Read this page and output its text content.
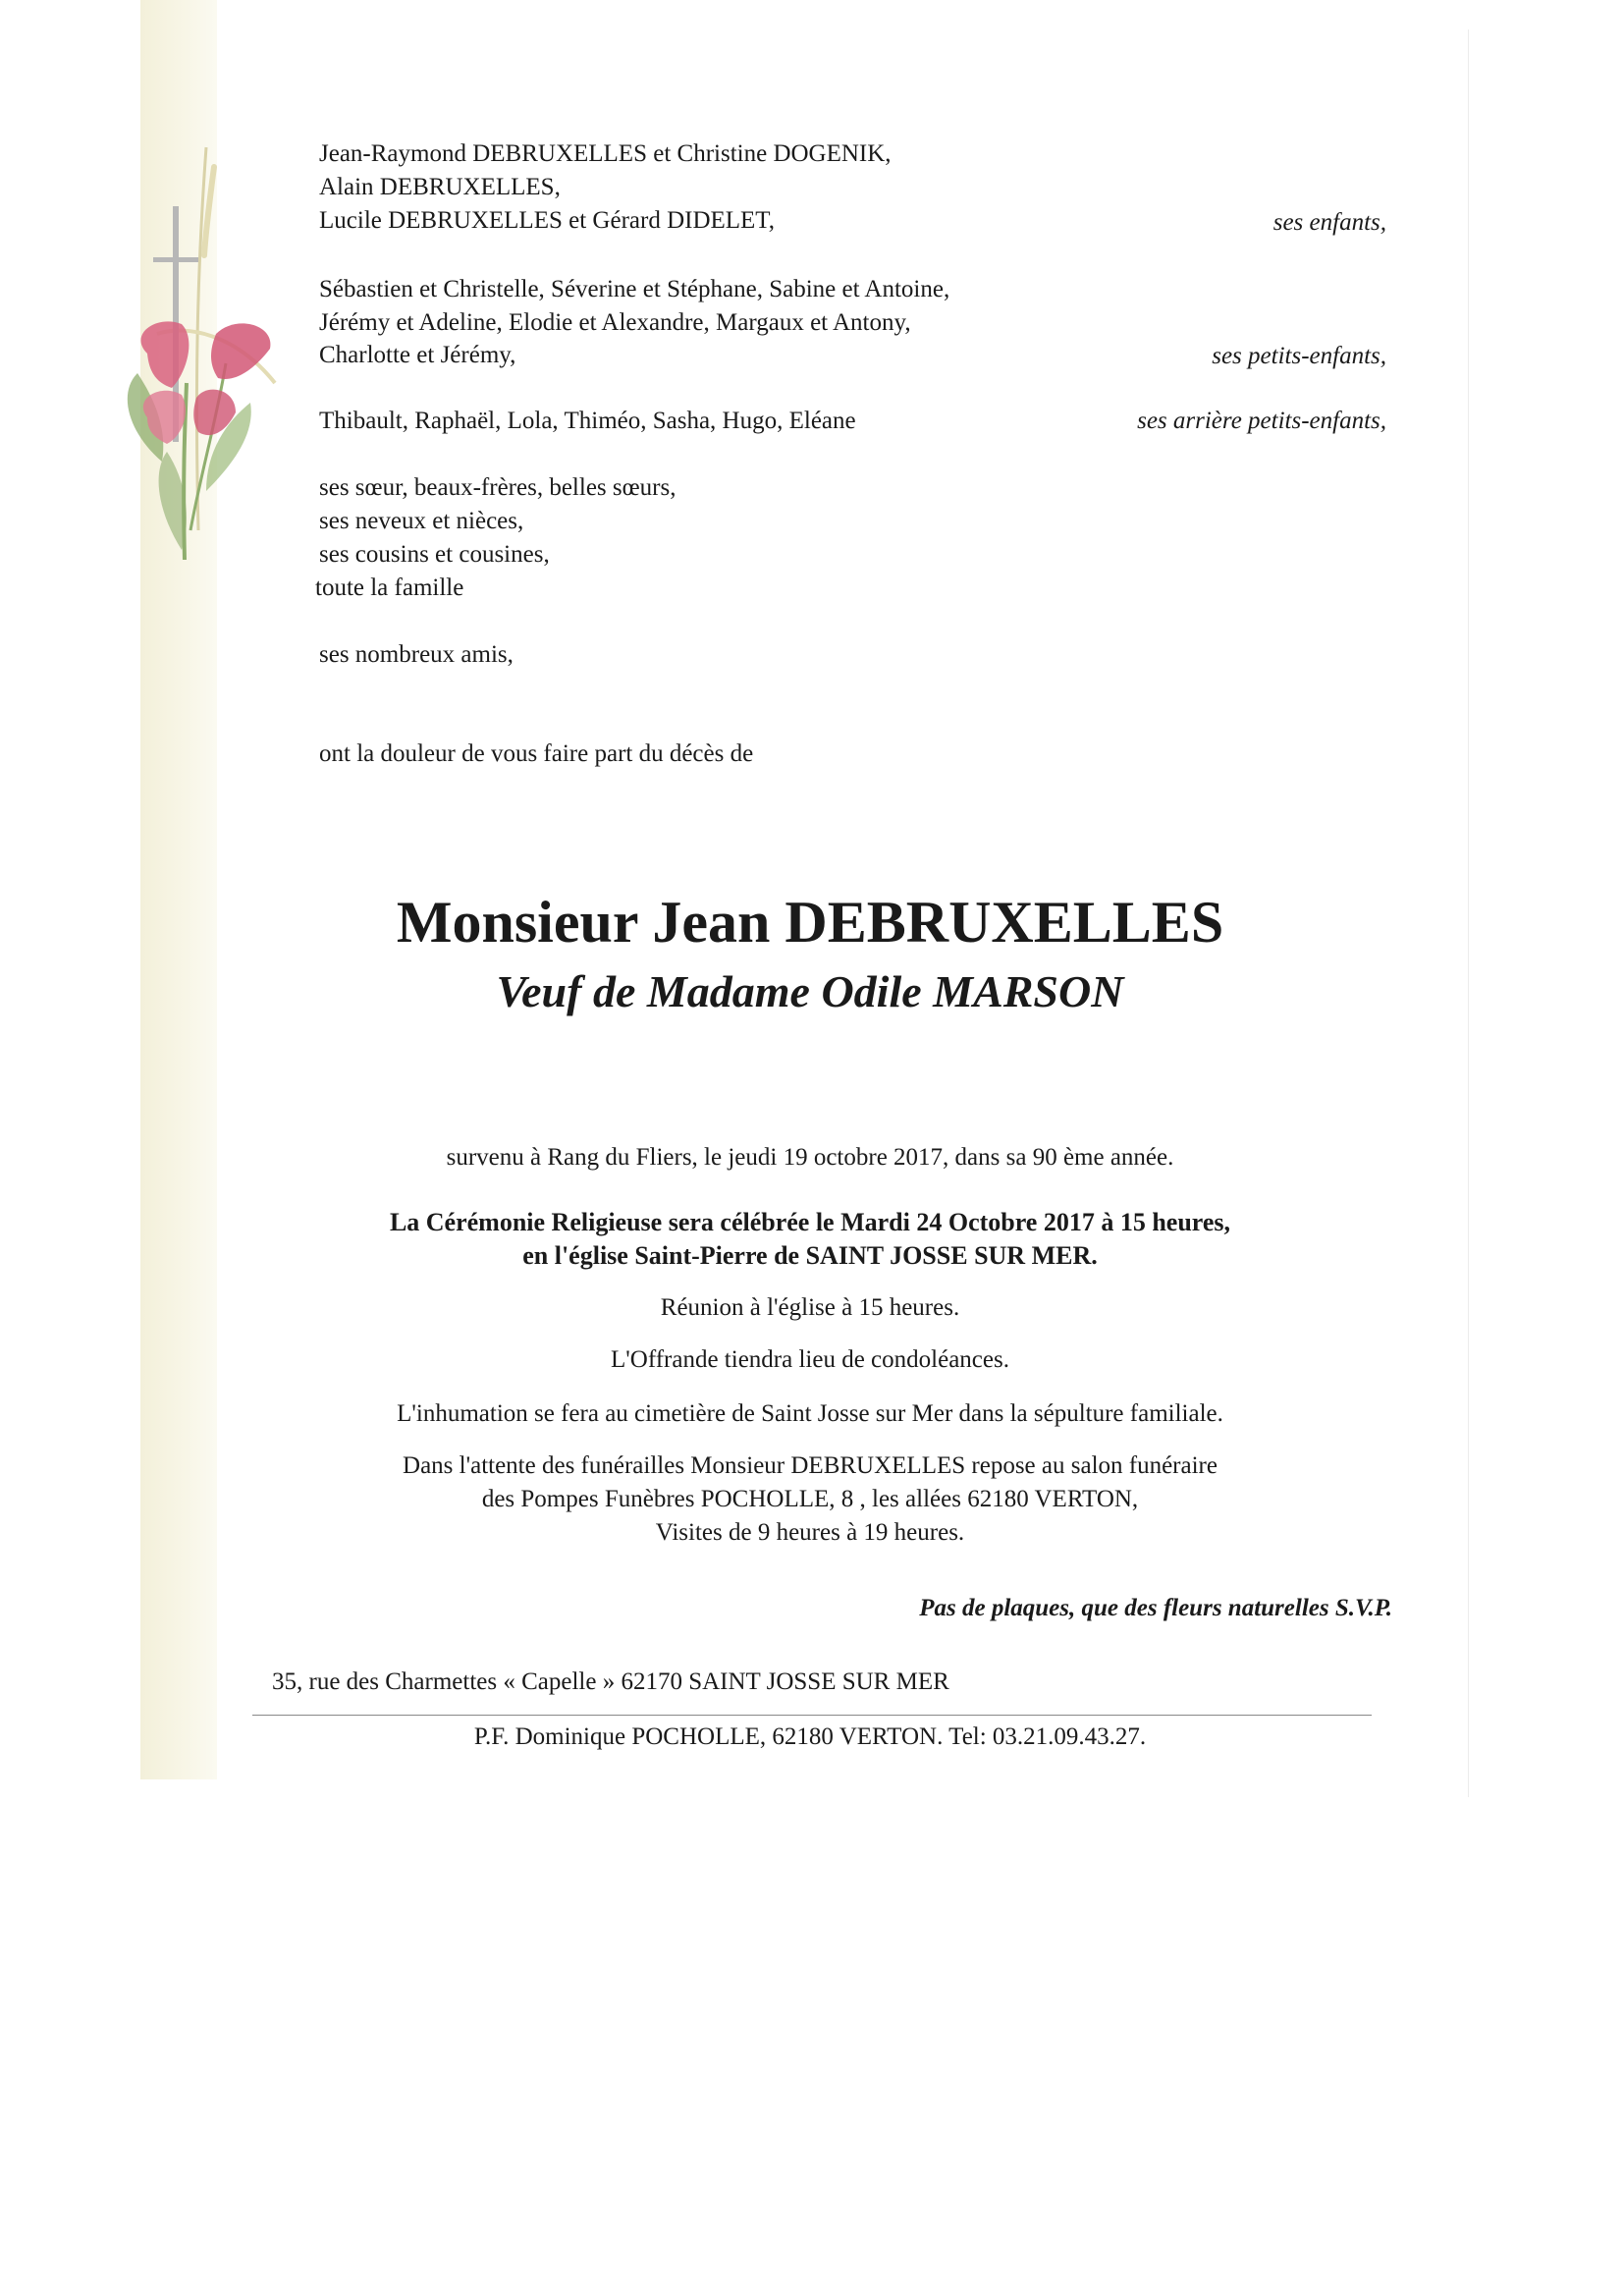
Jean-Raymond DEBRUXELLES et Christine DOGENIK,
Alain DEBRUXELLES,
Lucile DEBRUXELLES et Gérard DIDELET,	ses enfants,
Sébastien et Christelle, Séverine et Stéphane, Sabine et Antoine,
Jérémy et Adeline, Elodie et Alexandre, Margaux et Antony,
Charlotte et Jérémy,	ses petits-enfants,
Thibault, Raphaël, Lola, Thiméo, Sasha, Hugo, Eléane	ses arrière petits-enfants,
ses sœur, beaux-frères, belles sœurs,
ses neveux et nièces,
ses cousins et cousines,
toute la famille
ses nombreux amis,
ont la douleur de vous faire part du décès de
Monsieur Jean DEBRUXELLES
Veuf de Madame Odile MARSON
survenu à Rang du Fliers, le jeudi 19 octobre 2017, dans sa 90 ème année.
La Cérémonie Religieuse sera célébrée le Mardi 24 Octobre 2017 à 15 heures,
en l'église Saint-Pierre de SAINT JOSSE SUR MER.
Réunion à l'église à 15 heures.
L'Offrande tiendra lieu de condoléances.
L'inhumation se fera au cimetière de Saint Josse sur Mer dans la sépulture familiale.
Dans l'attente des funérailles Monsieur DEBRUXELLES repose au salon funéraire
des Pompes Funèbres POCHOLLE, 8 , les allées 62180 VERTON,
Visites de 9 heures à 19 heures.
Pas de plaques, que des fleurs naturelles S.V.P.
35, rue des Charmettes « Capelle » 62170 SAINT JOSSE SUR MER
P.F. Dominique POCHOLLE, 62180 VERTON. Tel: 03.21.09.43.27.
